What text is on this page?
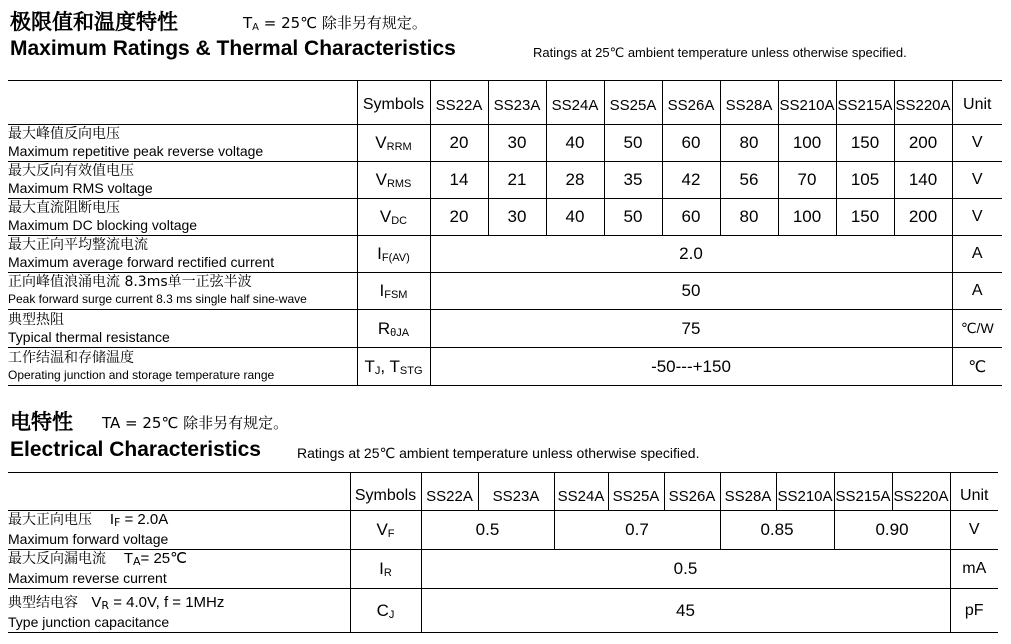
极限值和温度特性	$T_A$ = 25℃ 除非另有规定。
Maximum Ratings & Thermal Characteristics	Ratings at 25℃ ambient temperature unless otherwise specified.
	Symbols	SS22A	SS23A	SS24A	SS25A	SS26A	SS28A	SS210A	SS215A	SS220A	Unit

最大峰值反向电压
Maximum repetitive peak reverse voltage	$V_{RRM}$	20	30	40	50	60	80	100	150	200	V

最大反向有效值电压
Maximum RMS voltage	$V_{RMS}$	14	21	28	35	42	56	70	105	140	V

最大直流阻断电压
Maximum DC blocking voltage	$V_{DC}$	20	30	40	50	60	80	100	150	200	V

最大正向平均整流电流
Maximum average forward rectified current	$I_{F(AV)}$	2.0									A

正向峰值浪涌电流 8.3ms单一正弦半波
Peak forward surge current 8.3 ms single half sine-wave	$I_{FSM}$	50									A

典型热阻
Typical thermal resistance	$R_{\theta JA}$	75									℃/W

工作结温和存储温度
Operating junction and storage temperature range	$T_J$, $T_{STG}$	-50---+150									℃
电特性 TA = 25℃ 除非另有规定。
Electrical Characteristics	Ratings at 25℃ ambient temperature unless otherwise specified.
	Symbols	SS22A	SS23A	SS24A	SS25A	SS26A	SS28A	SS210A	SS215A	SS220A	Unit

最大正向电压 $I_F = 2.0A$
Maximum forward voltage	$V_F$	0.5		0.7			0.85		0.90		V

最大反向漏电流 $T_A=$ 25℃
Maximum reverse current	$I_R$	0.5									mA

典型结电容 $V_R = 4.0V$, f = 1MHz
Type junction capacitance	$C_J$	45									pF
